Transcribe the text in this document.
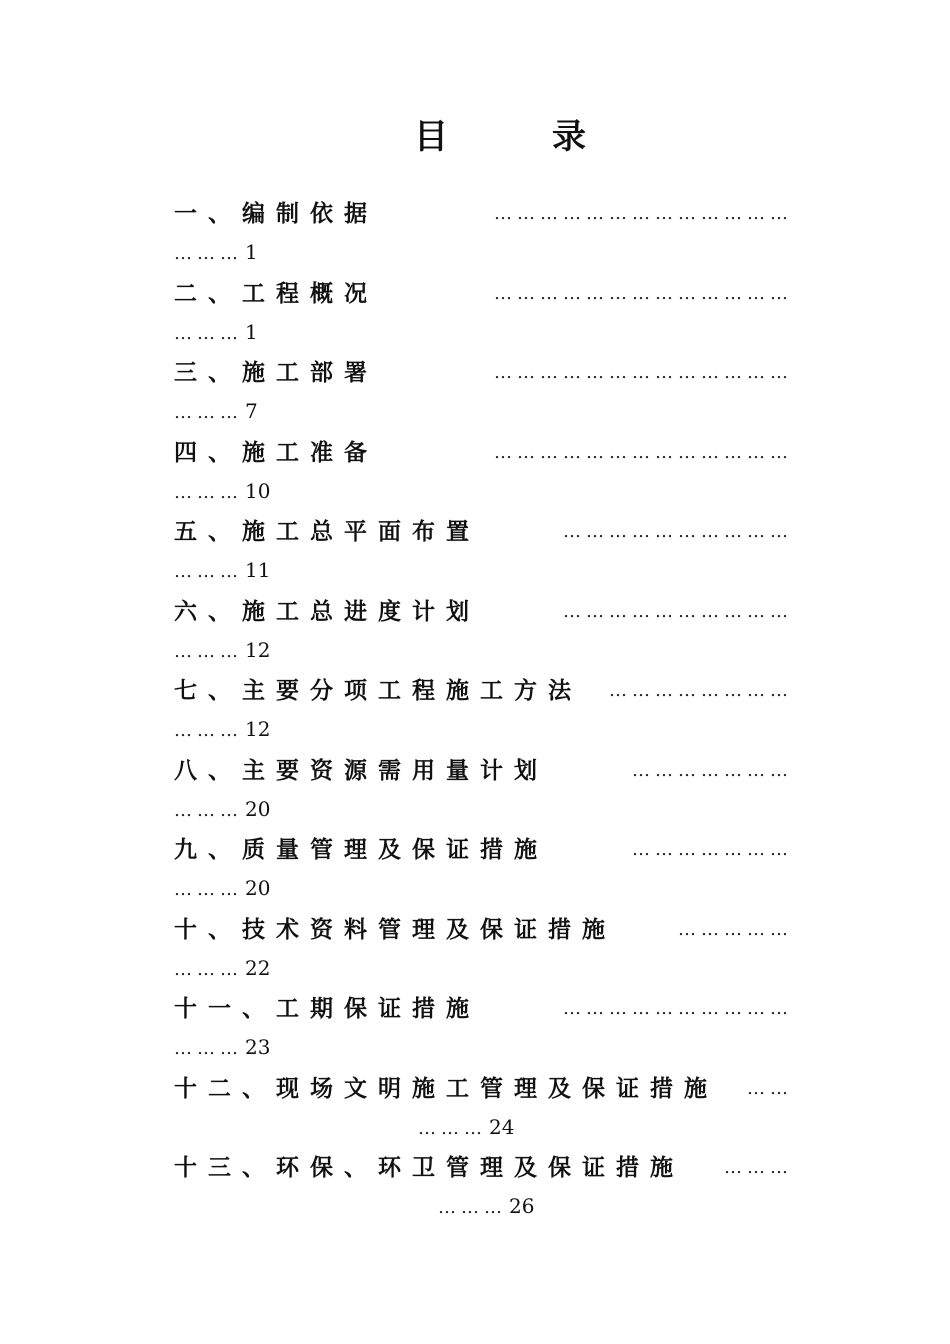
目	录
一、编制依据	…………………………………
……… 1
二、工程概况	…………………………………
……… 1
三、施工部署	…………………………………
……… 7
四、施工准备	…………………………………
……… 10
五、施工总平面布置	…………………………
……… 11
六、施工总进度计划	…………………………
……… 12
七、主要分项工程施工方法 ……………………
……… 12
八、主要资源需用量计划	…………………
……… 20
九、质量管理及保证措施	…………………
……… 20
十、技术资料管理及保证措施	……………
……… 22
十一、工期保证措施	…………………………
……… 23
十二、现场文明施工管理及保证措施 ……
……… 24
十三、环保、环卫管理及保证措施 ………
……… 26
